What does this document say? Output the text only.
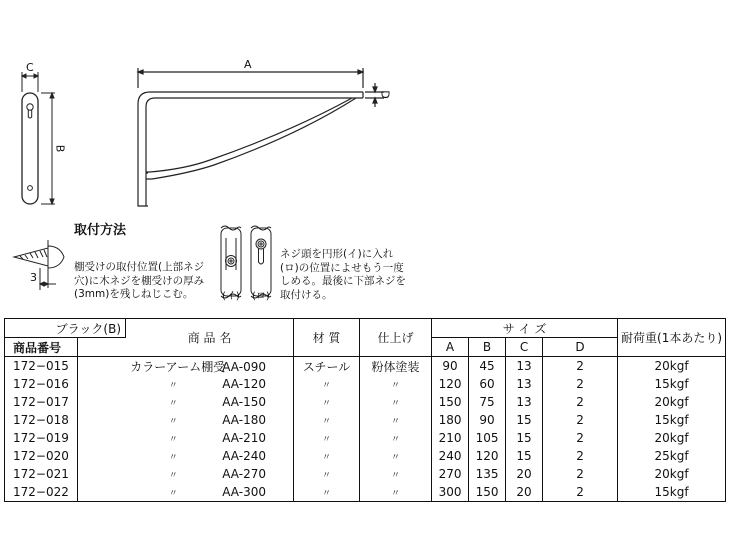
C
B
A
D
3
取付方法
棚受けの取付位置(上部ネジ
穴)に木ネジを棚受けの厚み
(3mm)を残しねじこむ。	(イ) (ロ)
ネジ頭を円形(イ)に入れ
(ロ)の位置によせもう一度
しめる。最後に下部ネジを
取付ける。
ブラック(B)		商 品 名	材 質	仕上げ	サ イ ズ				耐荷重(1本あたり)
商品番号					A	B	C	D	
172−015		カラーアーム棚受AA-090	スチール	粉体塗装	90	45	13	2	20kgf
172−016		〃 AA-120	〃	〃	120	60	13	2	15kgf
172−017		〃 AA-150	〃	〃	150	75	13	2	20kgf
172−018		〃 AA-180	〃	〃	180	90	15	2	15kgf
172−019		〃 AA-210	〃	〃	210	105	15	2	20kgf
172−020		〃 AA-240	〃	〃	240	120	15	2	25kgf
172−021		〃 AA-270	〃	〃	270	135	20	2	20kgf
172−022		〃 AA-300	〃	〃	300	150	20	2	15kgf
